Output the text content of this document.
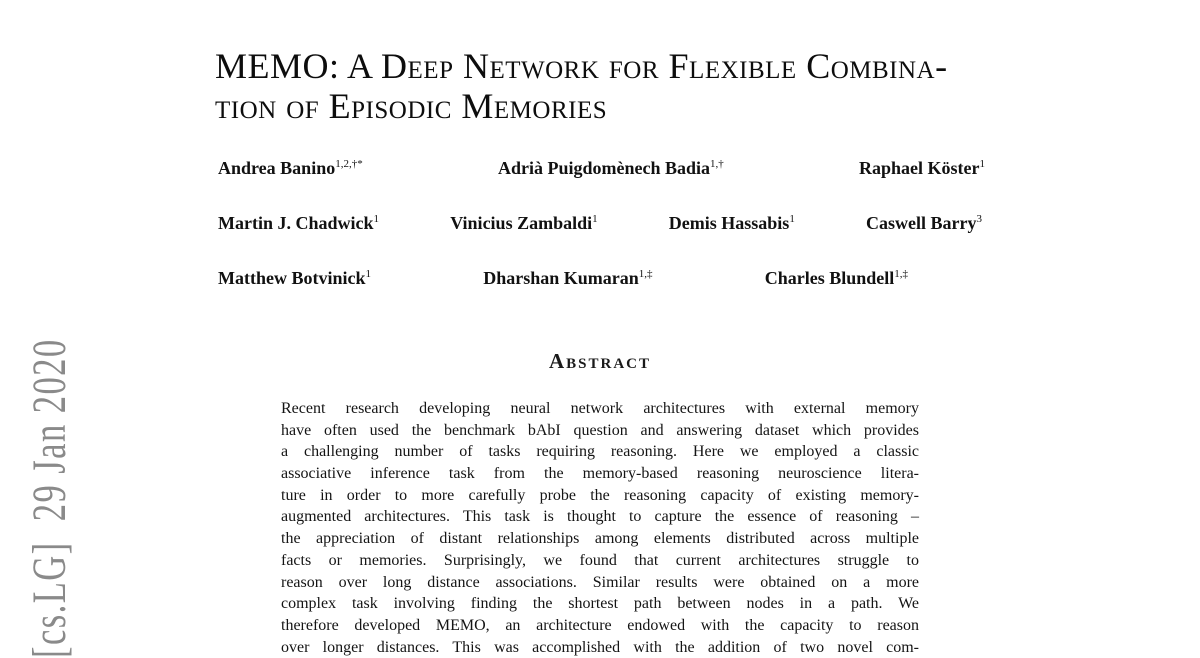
[cs.LG]  29 Jan 2020
MEMO: A Deep Network for Flexible Combina-
tion of Episodic Memories
Andrea Banino$^{1,2,\dagger*}$	Adrià Puigdomènech Badia$^{1,\dagger}$	Raphael Köster$^1$
Martin J. Chadwick$^1$	Vinicius Zambaldi$^1$	Demis Hassabis$^1$	Caswell Barry$^3$
Matthew Botvinick$^1$	Dharshan Kumaran$^{1,\ddagger}$	Charles Blundell$^{1,\ddagger}$
Abstract
Recent research developing neural network architectures with external memory
have often used the benchmark bAbI question and answering dataset which provides
a challenging number of tasks requiring reasoning. Here we employed a classic
associative inference task from the memory-based reasoning neuroscience litera-
ture in order to more carefully probe the reasoning capacity of existing memory-
augmented architectures. This task is thought to capture the essence of reasoning –
the appreciation of distant relationships among elements distributed across multiple
facts or memories. Surprisingly, we found that current architectures struggle to
reason over long distance associations. Similar results were obtained on a more
complex task involving finding the shortest path between nodes in a path. We
therefore developed MEMO, an architecture endowed with the capacity to reason
over longer distances. This was accomplished with the addition of two novel com-
